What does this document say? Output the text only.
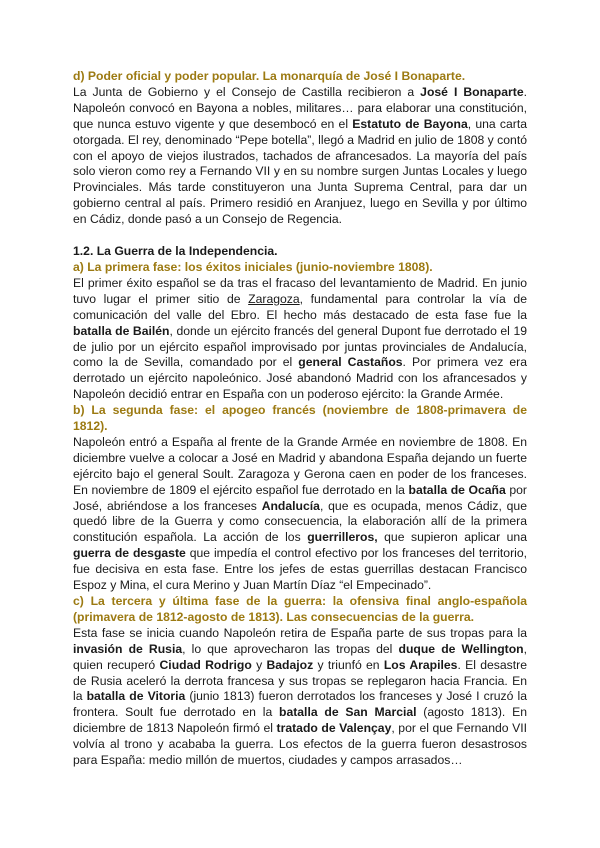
d) Poder oficial y poder popular. La monarquía de José I Bonaparte.

La Junta de Gobierno y el Consejo de Castilla recibieron a José I Bonaparte. Napoleón convocó en Bayona a nobles, militares… para elaborar una constitución, que nunca estuvo vigente y que desembocó en el Estatuto de Bayona, una carta otorgada. El rey, denominado “Pepe botella”, llegó a Madrid en julio de 1808 y contó con el apoyo de viejos ilustrados, tachados de afrancesados. La mayoría del país solo vieron como rey a Fernando VII y en su nombre surgen Juntas Locales y luego Provinciales. Más tarde constituyeron una Junta Suprema Central, para dar un gobierno central al país. Primero residió en Aranjuez, luego en Sevilla y por último en Cádiz, donde pasó a un Consejo de Regencia.

1.2. La Guerra de la Independencia.

a) La primera fase: los éxitos iniciales (junio-noviembre 1808).

El primer éxito español se da tras el fracaso del levantamiento de Madrid. En junio tuvo lugar el primer sitio de Zaragoza, fundamental para controlar la vía de comunicación del valle del Ebro. El hecho más destacado de esta fase fue la batalla de Bailén, donde un ejército francés del general Dupont fue derrotado el 19 de julio por un ejército español improvisado por juntas provinciales de Andalucía, como la de Sevilla, comandado por el general Castaños. Por primera vez era derrotado un ejército napoleónico. José abandonó Madrid con los afrancesados y Napoleón decidió entrar en España con un poderoso ejército: la Grande Armée.

b) La segunda fase: el apogeo francés (noviembre de 1808-primavera de 1812).

Napoleón entró a España al frente de la Grande Armée en noviembre de 1808. En diciembre vuelve a colocar a José en Madrid y abandona España dejando un fuerte ejército bajo el general Soult. Zaragoza y Gerona caen en poder de los franceses. En noviembre de 1809 el ejército español fue derrotado en la batalla de Ocaña por José, abriéndose a los franceses Andalucía, que es ocupada, menos Cádiz, que quedó libre de la Guerra y como consecuencia, la elaboración allí de la primera constitución española. La acción de los guerrilleros, que supieron aplicar una guerra de desgaste que impedía el control efectivo por los franceses del territorio, fue decisiva en esta fase. Entre los jefes de estas guerrillas destacan Francisco Espoz y Mina, el cura Merino y Juan Martín Díaz “el Empecinado”.

c) La tercera y última fase de la guerra: la ofensiva final anglo-española (primavera de 1812-agosto de 1813). Las consecuencias de la guerra.

Esta fase se inicia cuando Napoleón retira de España parte de sus tropas para la invasión de Rusia, lo que aprovecharon las tropas del duque de Wellington, quien recuperó Ciudad Rodrigo y Badajoz y triunfó en Los Arapiles. El desastre de Rusia aceleró la derrota francesa y sus tropas se replegaron hacia Francia. En la batalla de Vitoria (junio 1813) fueron derrotados los franceses y José I cruzó la frontera. Soult fue derrotado en la batalla de San Marcial (agosto 1813). En diciembre de 1813 Napoleón firmó el tratado de Valençay, por el que Fernando VII volvía al trono y acababa la guerra. Los efectos de la guerra fueron desastrosos para España: medio millón de muertos, ciudades y campos arrasados…
